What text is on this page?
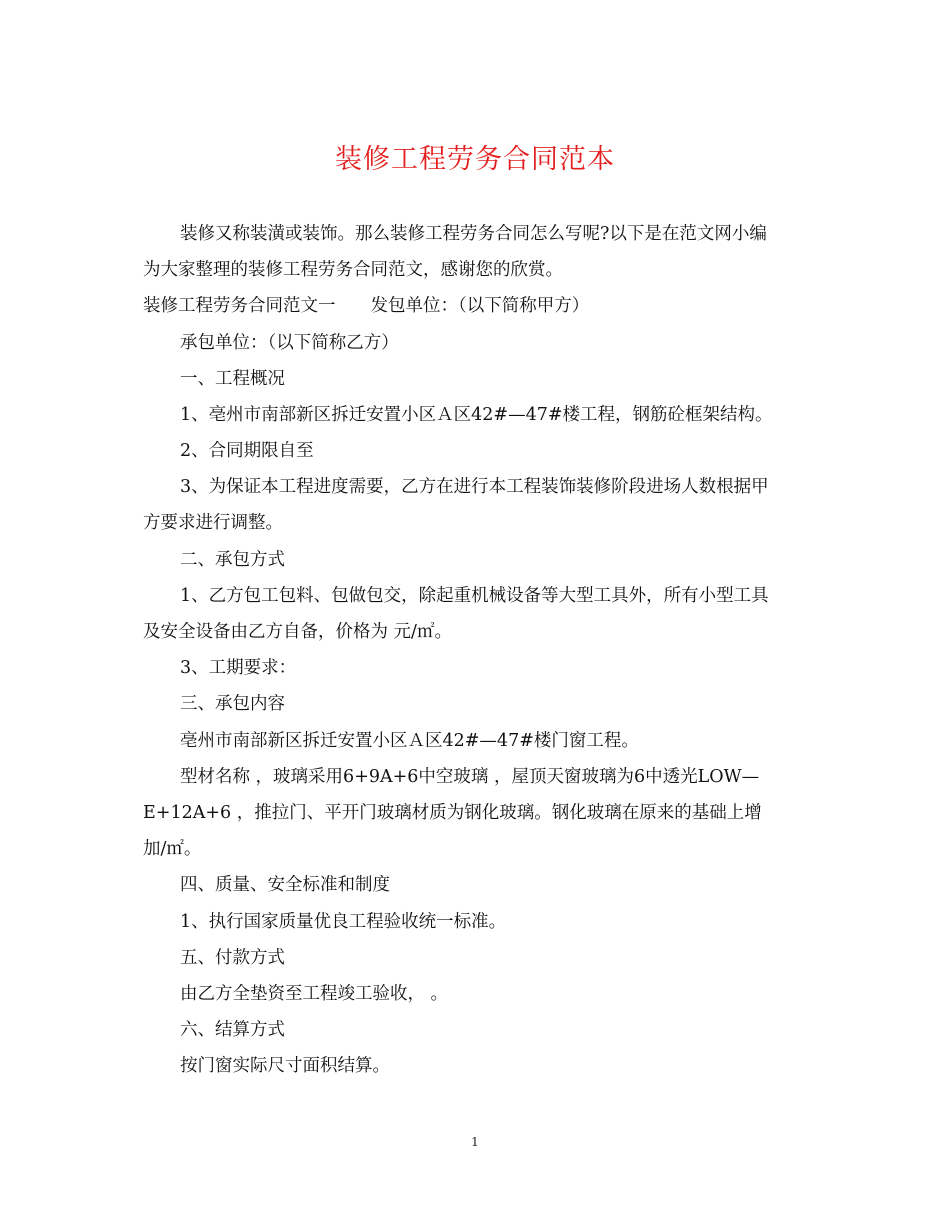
装修工程劳务合同范本
装修又称装潢或装饰。那么装修工程劳务合同怎么写呢?以下是在范文网小编
为大家整理的装修工程劳务合同范文，感谢您的欣赏。
装修工程劳务合同范文一　　发包单位：（以下简称甲方）
承包单位：（以下简称乙方）
一、工程概况
1、亳州市南部新区拆迁安置小区Ａ区42#—47#楼工程，钢筋砼框架结构。
2、合同期限自至
3、为保证本工程进度需要，乙方在进行本工程装饰装修阶段进场人数根据甲
方要求进行调整。
二、承包方式
1、乙方包工包料、包做包交，除起重机械设备等大型工具外，所有小型工具
及安全设备由乙方自备，价格为 元/㎡。
3、工期要求：
三、承包内容
亳州市南部新区拆迁安置小区Ａ区42#—47#楼门窗工程。
型材名称 ，玻璃采用6+9A+6中空玻璃 ，屋顶天窗玻璃为6中透光LOW—
E+12A+6 ，推拉门、平开门玻璃材质为钢化玻璃。钢化玻璃在原来的基础上增
加/㎡。
四、质量、安全标准和制度
1、执行国家质量优良工程验收统一标准。
五、付款方式
由乙方全垫资至工程竣工验收， 。
六、结算方式
按门窗实际尺寸面积结算。
1
